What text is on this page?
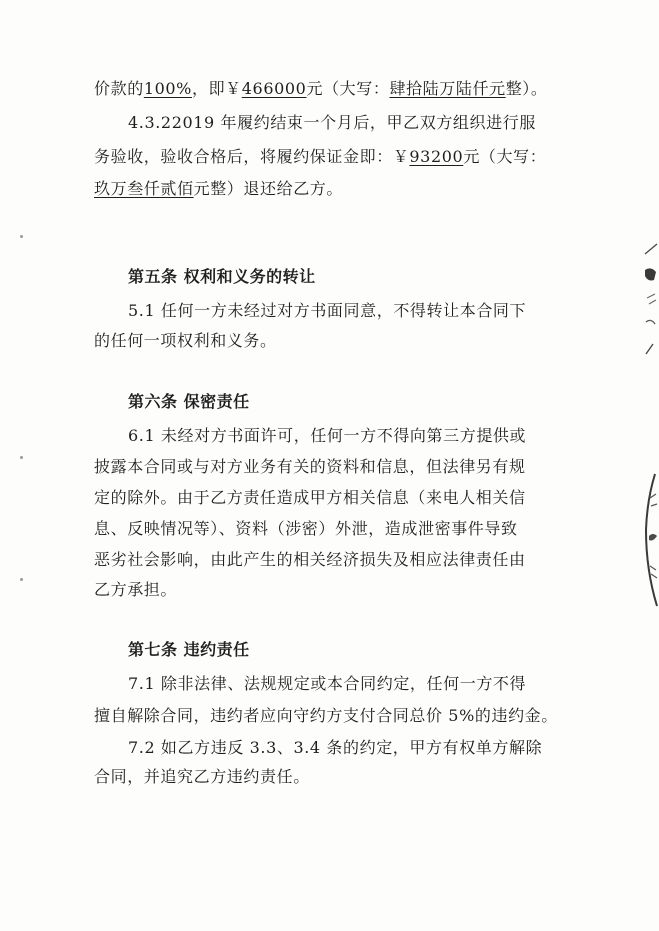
价款的100%，即￥466000元（大写：肆拾陆万陆仟元整）。
4.3.22019 年履约结束一个月后，甲乙双方组织进行服
务验收，验收合格后，将履约保证金即：￥93200元（大写：
玖万叁仟贰佰元整）退还给乙方。
第五条 权利和义务的转让
5.1 任何一方未经过对方书面同意，不得转让本合同下
的任何一项权利和义务。
第六条 保密责任
6.1 未经对方书面许可，任何一方不得向第三方提供或
披露本合同或与对方业务有关的资料和信息，但法律另有规
定的除外。由于乙方责任造成甲方相关信息（来电人相关信
息、反映情况等）、资料（涉密）外泄，造成泄密事件导致
恶劣社会影响，由此产生的相关经济损失及相应法律责任由
乙方承担。
第七条 违约责任
7.1 除非法律、法规规定或本合同约定，任何一方不得
擅自解除合同，违约者应向守约方支付合同总价 5%的违约金。
7.2 如乙方违反 3.3、3.4 条的约定，甲方有权单方解除
合同，并追究乙方违约责任。
